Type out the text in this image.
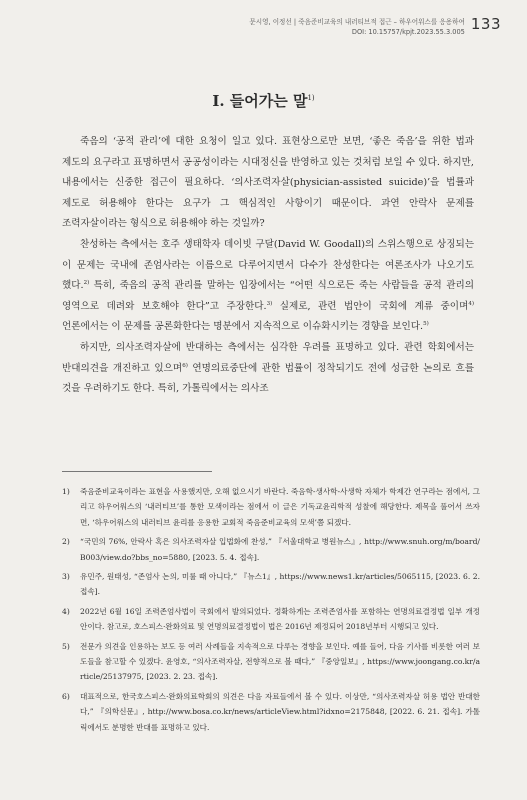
문시영, 이정선 | 죽음준비교육의 내러티브적 접근 – 하우어워스를 응용하여
DOI: 10.15757/kpjt.2023.55.3.005 133
I. 들어가는 말$^{1)}$

죽음의 ‘공적 관리’에 대한 요청이 일고 있다. 표현상으로만 보면, ‘좋은 죽음’을 위한 법과 제도의 요구라고 표명하면서 공공성이라는 시대정신을 반영하고 있는 것처럼 보일 수 있다. 하지만, 내용에서는 신중한 접근이 필요하다. ‘의사조력자살(physician-assisted suicide)’을 법률과 제도로 허용해야 한다는 요구가 그 핵심적인 사항이기 때문이다. 과연 안락사 문제를 조력자살이라는 형식으로 허용해야 하는 것일까?

찬성하는 측에서는 호주 생태학자 데이빗 구달(David W. Goodall)의 스위스행으로 상징되는 이 문제는 국내에 존엄사라는 이름으로 다루어지면서 다수가 찬성한다는 여론조사가 나오기도 했다.$^{2)}$ 특히, 죽음의 공적 관리를 말하는 입장에서는 “어떤 식으로든 죽는 사람들을 공적 관리의 영역으로 데려와 보호해야 한다”고 주장한다.$^{3)}$ 실제로, 관련 법안이 국회에 계류 중이며$^{4)}$ 언론에서는 이 문제를 공론화한다는 명분에서 지속적으로 이슈화시키는 경향을 보인다.$^{5)}$

하지만, 의사조력자살에 반대하는 측에서는 심각한 우려를 표명하고 있다. 관련 학회에서는 반대의견을 개진하고 있으며$^{6)}$ 연명의료중단에 관한 법률이 정착되기도 전에 성급한 논의로 흐를 것을 우려하기도 한다. 특히, 가톨릭에서는 의사조

1)	죽음준비교육이라는 표현을 사용했지만, 오해 없으시기 바란다. 죽음학-생사학-사생학 자체가 학제간 연구라는 점에서, 그리고 하우어워스의 ‘내러티브’를 통한 모색이라는 점에서 이 글은 기독교윤리학적 성찰에 해당한다. 제목을 풀어서 쓰자면, ‘하우어워스의 내러티브 윤리를 응용한 교회적 죽음준비교육의 모색’쯤 되겠다.
2)	“국민의 76%, 안락사 혹은 의사조력자살 입법화에 찬성,” 『서울대학교 병원뉴스』, http://www.snuh.org/m/board/B003/view.do?bbs_no=5880, [2023. 5. 4. 접속].
3)	유민주, 원태성, “존엄사 논의, 미룰 때 아니다,” 『뉴스1』, https://www.news1.kr/articles/5065115, [2023. 6. 2. 접속].
4)	2022년 6월 16일 조력존엄사법이 국회에서 발의되었다. 정확하게는 조력존엄사를 포함하는 연명의료결정법 일부 개정안이다. 참고로, 호스피스·완화의료 및 연명의료결정법이 법은 2016년 제정되어 2018년부터 시행되고 있다.
5)	전문가 의견을 인용하는 보도 등 여러 사례들을 지속적으로 다루는 경향을 보인다. 예를 들어, 다음 기사를 비롯한 여러 보도들을 참고할 수 있겠다. 윤영호, “의사조력자살, 전향적으로 볼 때다,” 『중앙일보』, https://www.joongang.co.kr/article/25137975, [2023. 2. 23. 접속].
6)	대표적으로, 한국호스피스·완화의료학회의 의견은 다음 자료들에서 볼 수 있다. 이상만, “의사조력자살 허용 법안 반대한다,” 『의학신문』, http://www.bosa.co.kr/news/articleView.html?idxno=2175848, [2022. 6. 21. 접속]. 가톨릭에서도 분명한 반대를 표명하고 있다.
